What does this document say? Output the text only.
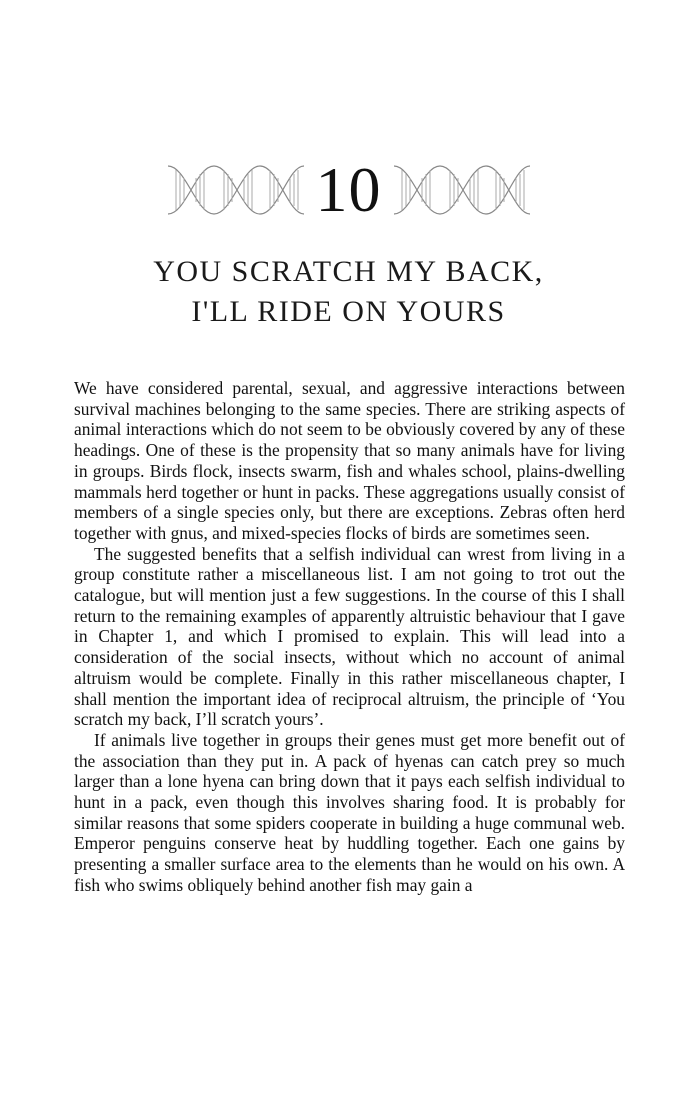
10
YOU SCRATCH MY BACK,
I'LL RIDE ON YOURS

We have considered parental, sexual, and aggressive interactions between survival machines belonging to the same species. There are striking aspects of animal interactions which do not seem to be obviously covered by any of these headings. One of these is the propensity that so many animals have for living in groups. Birds flock, insects swarm, fish and whales school, plains-dwelling mammals herd together or hunt in packs. These aggregations usually consist of members of a single species only, but there are exceptions. Zebras often herd together with gnus, and mixed-species flocks of birds are sometimes seen.

The suggested benefits that a selfish individual can wrest from living in a group constitute rather a miscellaneous list. I am not going to trot out the catalogue, but will mention just a few suggestions. In the course of this I shall return to the remaining examples of apparently altruistic behaviour that I gave in Chapter 1, and which I promised to explain. This will lead into a consideration of the social insects, without which no account of animal altruism would be complete. Finally in this rather miscellaneous chapter, I shall mention the important idea of reciprocal altruism, the principle of ‘You scratch my back, I’ll scratch yours’.

If animals live together in groups their genes must get more benefit out of the association than they put in. A pack of hyenas can catch prey so much larger than a lone hyena can bring down that it pays each selfish individual to hunt in a pack, even though this involves sharing food. It is probably for similar reasons that some spiders cooperate in building a huge communal web. Emperor penguins conserve heat by huddling together. Each one gains by presenting a smaller surface area to the elements than he would on his own. A fish who swims obliquely behind another fish may gain a
